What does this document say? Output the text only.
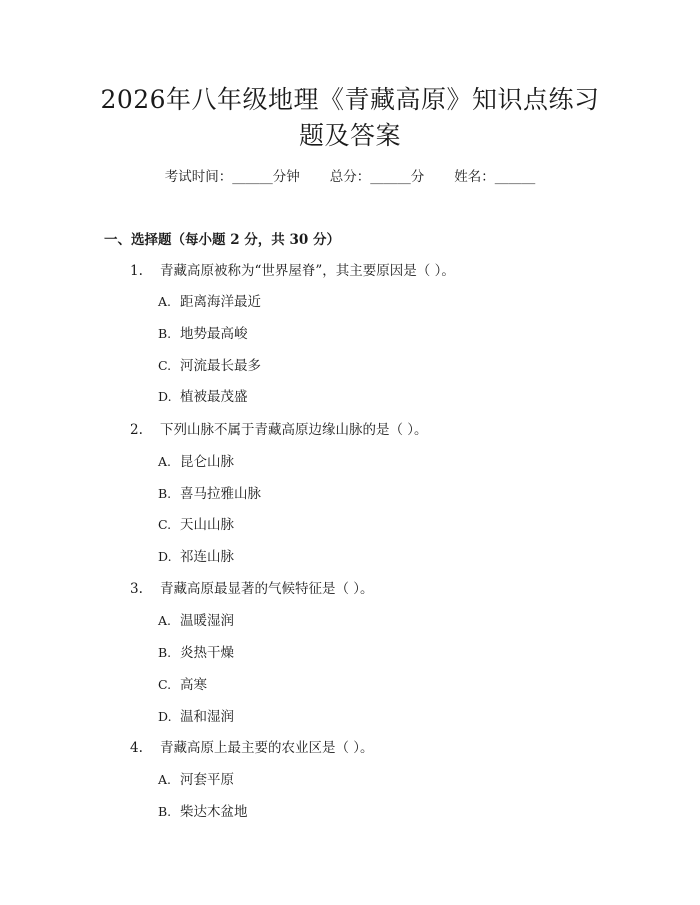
2026年八年级地理《青藏高原》知识点练习
题及答案
考试时间：______分钟 总分：______分 姓名：______
一、选择题（每小题 2 分，共 30 分）
1. 青藏高原被称为“世界屋脊”，其主要原因是（ ）。
A. 距离海洋最近
B. 地势最高峻
C. 河流最长最多
D. 植被最茂盛
2. 下列山脉不属于青藏高原边缘山脉的是（ ）。
A. 昆仑山脉
B. 喜马拉雅山脉
C. 天山山脉
D. 祁连山脉
3. 青藏高原最显著的气候特征是（ ）。
A. 温暖湿润
B. 炎热干燥
C. 高寒
D. 温和湿润
4. 青藏高原上最主要的农业区是（ ）。
A. 河套平原
B. 柴达木盆地
